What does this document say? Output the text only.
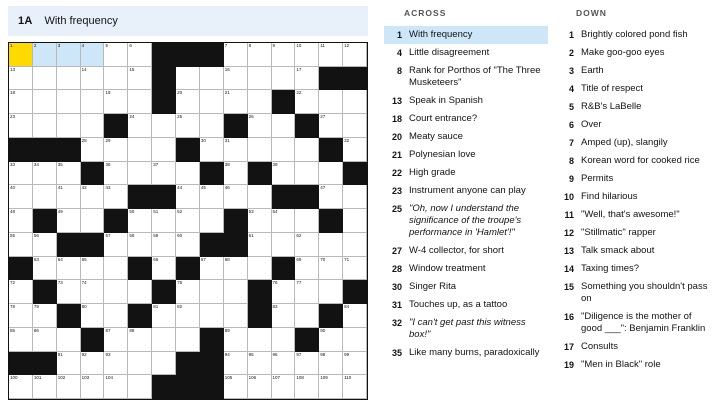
1A With frequency
1	2	3	4	5	6	7	8	9	10	11	12
13	14	15	16	17
18	19	20	21	22
23	24	25	26	27
28	29	30	31	32
33	34	35	36	37	38	39
40	41	42	43	44	45	46	47
48	49	50	51	52	53	54
55	56	57	58	59	60	61	62
63	64	65	66	67	68	69	70	71
72	73	74	75	76	77
78	79	80	81	82	83	84
85	86	87	88	89	90
91	92	93	94	95	96	97	98	99
100	101	102	103	104	105	106	107	108	109	110
ACROSS
1 With frequency
4 Little disagreement
8 Rank for Porthos of "The Three Musketeers"
13 Speak in Spanish
18 Court entrance?
20 Meaty sauce
21 Polynesian love
22 High grade
23 Instrument anyone can play
25 "Oh, now I understand the significance of the troupe's performance in 'Hamlet'!"
27 W-4 collector, for short
28 Window treatment
30 Singer Rita
31 Touches up, as a tattoo
32 "I can't get past this witness box!"
35 Like many burns, paradoxically
DOWN
1 Brightly colored pond fish
2 Make goo-goo eyes
3 Earth
4 Title of respect
5 R&B's LaBelle
6 Over
7 Amped (up), slangily
8 Korean word for cooked rice
9 Permits
10 Find hilarious
11 "Well, that's awesome!"
12 "Stillmatic" rapper
13 Talk smack about
14 Taxing times?
15 Something you shouldn't pass on
16 "Diligence is the mother of good ___": Benjamin Franklin
17 Consults
19 "Men in Black" role
